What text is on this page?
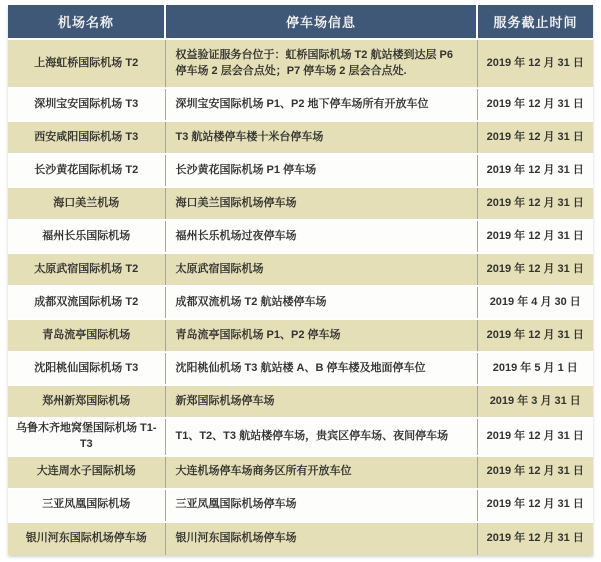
机场名称	停车场信息	服务截止时间
上海虹桥国际机场 T2	权益验证服务台位于：虹桥国际机场 T2 航站楼到达层 P6 停车场 2 层会合点处；P7 停车场 2 层会合点处.	2019 年 12 月 31 日
深圳宝安国际机场 T3	深圳宝安国际机场 P1、P2 地下停车场所有开放车位	2019 年 12 月 31 日
西安咸阳国际机场 T3	T3 航站楼停车楼十米台停车场	2019 年 12 月 31 日
长沙黄花国际机场 T2	长沙黄花国际机场 P1 停车场	2019 年 12 月 31 日
海口美兰机场	海口美兰国际机场停车场	2019 年 12 月 31 日
福州长乐国际机场	福州长乐机场过夜停车场	2019 年 12 月 31 日
太原武宿国际机场 T2	太原武宿国际机场	2019 年 12 月 31 日
成都双流国际机场 T2	成都双流机场 T2 航站楼停车场	2019 年 4 月 30 日
青岛流亭国际机场	青岛流亭国际机场 P1、P2 停车场	2019 年 12 月 31 日
沈阳桃仙国际机场 T3	沈阳桃仙机场 T3 航站楼 A、B 停车楼及地面停车位	2019 年 5 月 1 日
郑州新郑国际机场	新郑国际机场停车场	2019 年 3 月 31 日
乌鲁木齐地窝堡国际机场 T1-T3	T1、T2、T3 航站楼停车场，贵宾区停车场、夜间停车场	2019 年 12 月 31 日
大连周水子国际机场	大连机场停车场商务区所有开放车位	2019 年 12 月 31 日
三亚凤凰国际机场	三亚凤凰国际机场停车场	2019 年 12 月 31 日
银川河东国际机场停车场	银川河东国际机场停车场	2019 年 12 月 31 日
